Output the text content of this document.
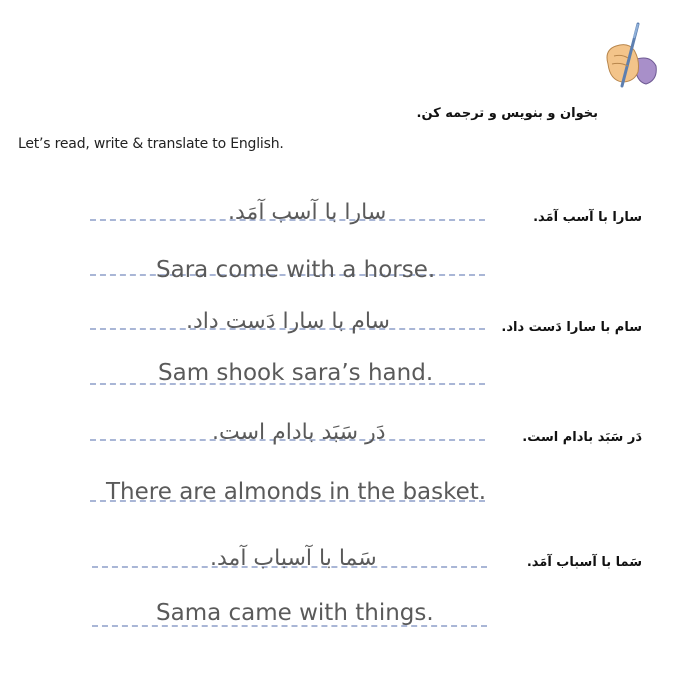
بخوان و بنویس و ترجمه کن.
Let’s read, write & translate to English.
سارا با آسب آمَد.
سارا با آسب آمَد.
Sara come with a horse.
سام با سارا دَست داد.
سام با سارا دَست داد.
Sam shook sara’s hand.
دَر سَبَد بادام است.
دَر سَبَد بادام است.
There are almonds in the basket.
سَما با آسباب آمَد.
سَما با آسباب آمد.
Sama came with things.
